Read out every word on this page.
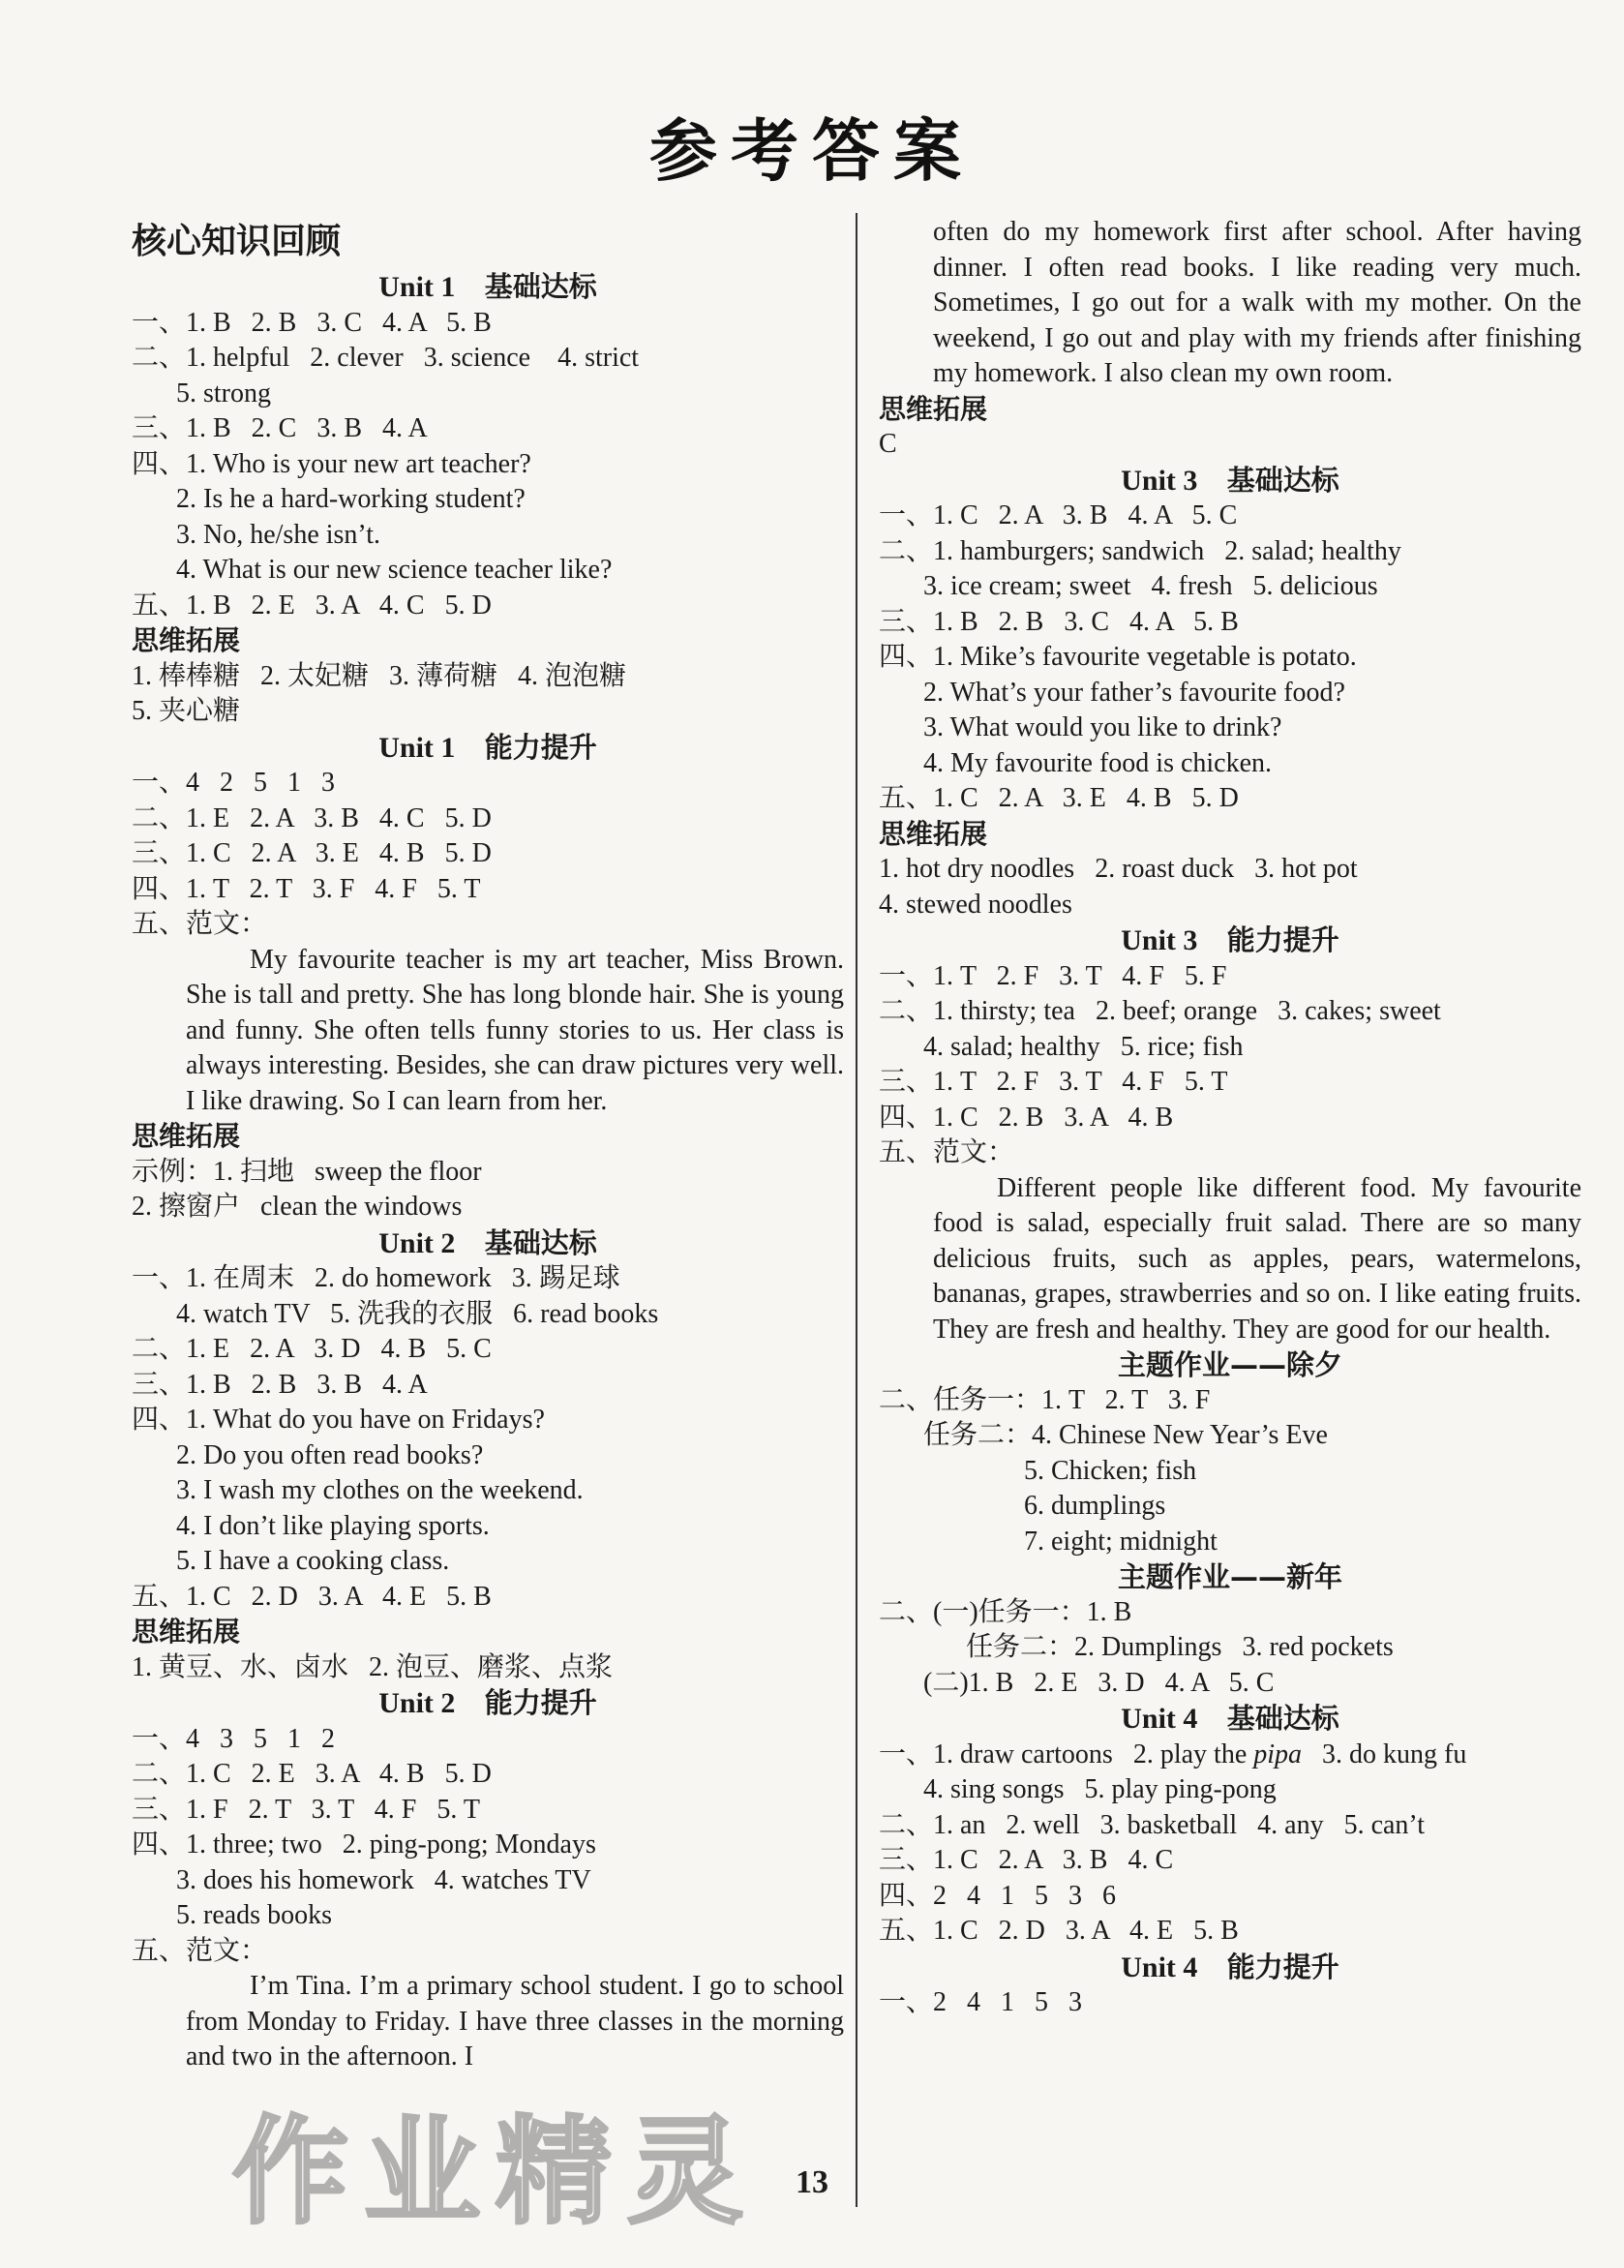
参考答案
核心知识回顾
Unit 1 基础达标
一、1. B   2. B   3. C   4. A   5. B
二、1. helpful   2. clever   3. science    4. strict
5. strong
三、1. B   2. C   3. B   4. A
四、1. Who is your new art teacher?
2. Is he a hard-working student?
3. No, he/she isn’t.
4. What is our new science teacher like?
五、1. B   2. E   3. A   4. C   5. D
思维拓展
1. 棒棒糖   2. 太妃糖   3. 薄荷糖   4. 泡泡糖
5. 夹心糖
Unit 1 能力提升
一、4   2   5   1   3
二、1. E   2. A   3. B   4. C   5. D
三、1. C   2. A   3. E   4. B   5. D
四、1. T   2. T   3. F   4. F   5. T
五、范文：
My favourite teacher is my art teacher, Miss Brown. She is tall and pretty. She has long blonde hair. She is young and funny. She often tells funny stories to us. Her class is always interesting. Besides, she can draw pictures very well. I like drawing. So I can learn from her.
思维拓展
示例：1. 扫地   sweep the floor
2. 擦窗户   clean the windows
Unit 2 基础达标
一、1. 在周末   2. do homework   3. 踢足球
4. watch TV   5. 洗我的衣服   6. read books
二、1. E   2. A   3. D   4. B   5. C
三、1. B   2. B   3. B   4. A
四、1. What do you have on Fridays?
2. Do you often read books?
3. I wash my clothes on the weekend.
4. I don’t like playing sports.
5. I have a cooking class.
五、1. C   2. D   3. A   4. E   5. B
思维拓展
1. 黄豆、水、卤水   2. 泡豆、磨浆、点浆
Unit 2 能力提升
一、4   3   5   1   2
二、1. C   2. E   3. A   4. B   5. D
三、1. F   2. T   3. T   4. F   5. T
四、1. three; two   2. ping-pong; Mondays
3. does his homework   4. watches TV
5. reads books
五、范文：
I’m Tina. I’m a primary school student. I go to school from Monday to Friday. I have three classes in the morning and two in the afternoon. I
often do my homework first after school. After having dinner. I often read books. I like reading very much. Sometimes, I go out for a walk with my mother. On the weekend, I go out and play with my friends after finishing my homework. I also clean my own room.
思维拓展
C
Unit 3 基础达标
一、1. C   2. A   3. B   4. A   5. C
二、1. hamburgers; sandwich   2. salad; healthy
3. ice cream; sweet   4. fresh   5. delicious
三、1. B   2. B   3. C   4. A   5. B
四、1. Mike’s favourite vegetable is potato.
2. What’s your father’s favourite food?
3. What would you like to drink?
4. My favourite food is chicken.
五、1. C   2. A   3. E   4. B   5. D
思维拓展
1. hot dry noodles   2. roast duck   3. hot pot
4. stewed noodles
Unit 3 能力提升
一、1. T   2. F   3. T   4. F   5. F
二、1. thirsty; tea   2. beef; orange   3. cakes; sweet
4. salad; healthy   5. rice; fish
三、1. T   2. F   3. T   4. F   5. T
四、1. C   2. B   3. A   4. B
五、范文：
Different people like different food. My favourite food is salad, especially fruit salad. There are so many delicious fruits, such as apples, pears, watermelons, bananas, grapes, strawberries and so on. I like eating fruits. They are fresh and healthy. They are good for our health.
主题作业——除夕
二、任务一：1. T   2. T   3. F
任务二：4. Chinese New Year’s Eve
5. Chicken; fish
6. dumplings
7. eight; midnight
主题作业——新年
二、(一)任务一：1. B
任务二：2. Dumplings   3. red pockets
(二)1. B   2. E   3. D   4. A   5. C
Unit 4 基础达标
一、1. draw cartoons   2. play the pipa   3. do kung fu
4. sing songs   5. play ping-pong
二、1. an   2. well   3. basketball   4. any   5. can’t
三、1. C   2. A   3. B   4. C
四、2   4   1   5   3   6
五、1. C   2. D   3. A   4. E   5. B
Unit 4 能力提升
一、2   4   1   5   3
作业精灵	13
